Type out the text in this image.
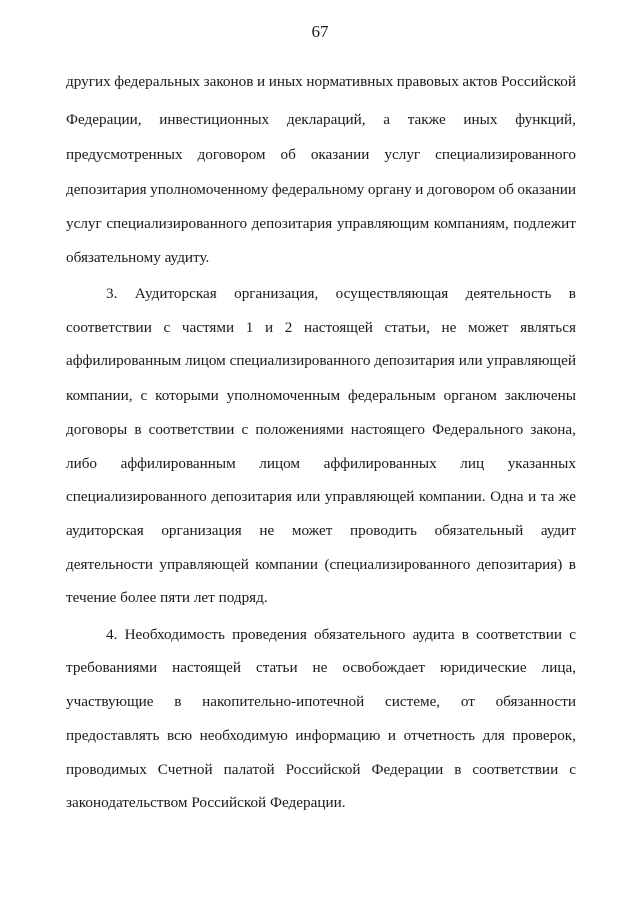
67
других федеральных законов и иных нормативных правовых актов Российской
Федерации, инвестиционных деклараций, а также иных функций,
предусмотренных договором об оказании услуг специализированного
депозитария уполномоченному федеральному органу и договором об оказании
услуг специализированного депозитария управляющим компаниям, подлежит
обязательному аудиту.
3. Аудиторская организация, осуществляющая деятельность в
соответствии с частями 1 и 2 настоящей статьи, не может являться
аффилированным лицом специализированного депозитария или управляющей
компании, с которыми уполномоченным федеральным органом заключены
договоры в соответствии с положениями настоящего Федерального закона,
либо аффилированным лицом аффилированных лиц указанных
специализированного депозитария или управляющей компании. Одна и та же
аудиторская организация не может проводить обязательный аудит
деятельности управляющей компании (специализированного депозитария) в
течение более пяти лет подряд.
4. Необходимость проведения обязательного аудита в соответствии с
требованиями настоящей статьи не освобождает юридические лица,
участвующие в накопительно-ипотечной системе, от обязанности
предоставлять всю необходимую информацию и отчетность для проверок,
проводимых Счетной палатой Российской Федерации в соответствии с
законодательством Российской Федерации.
